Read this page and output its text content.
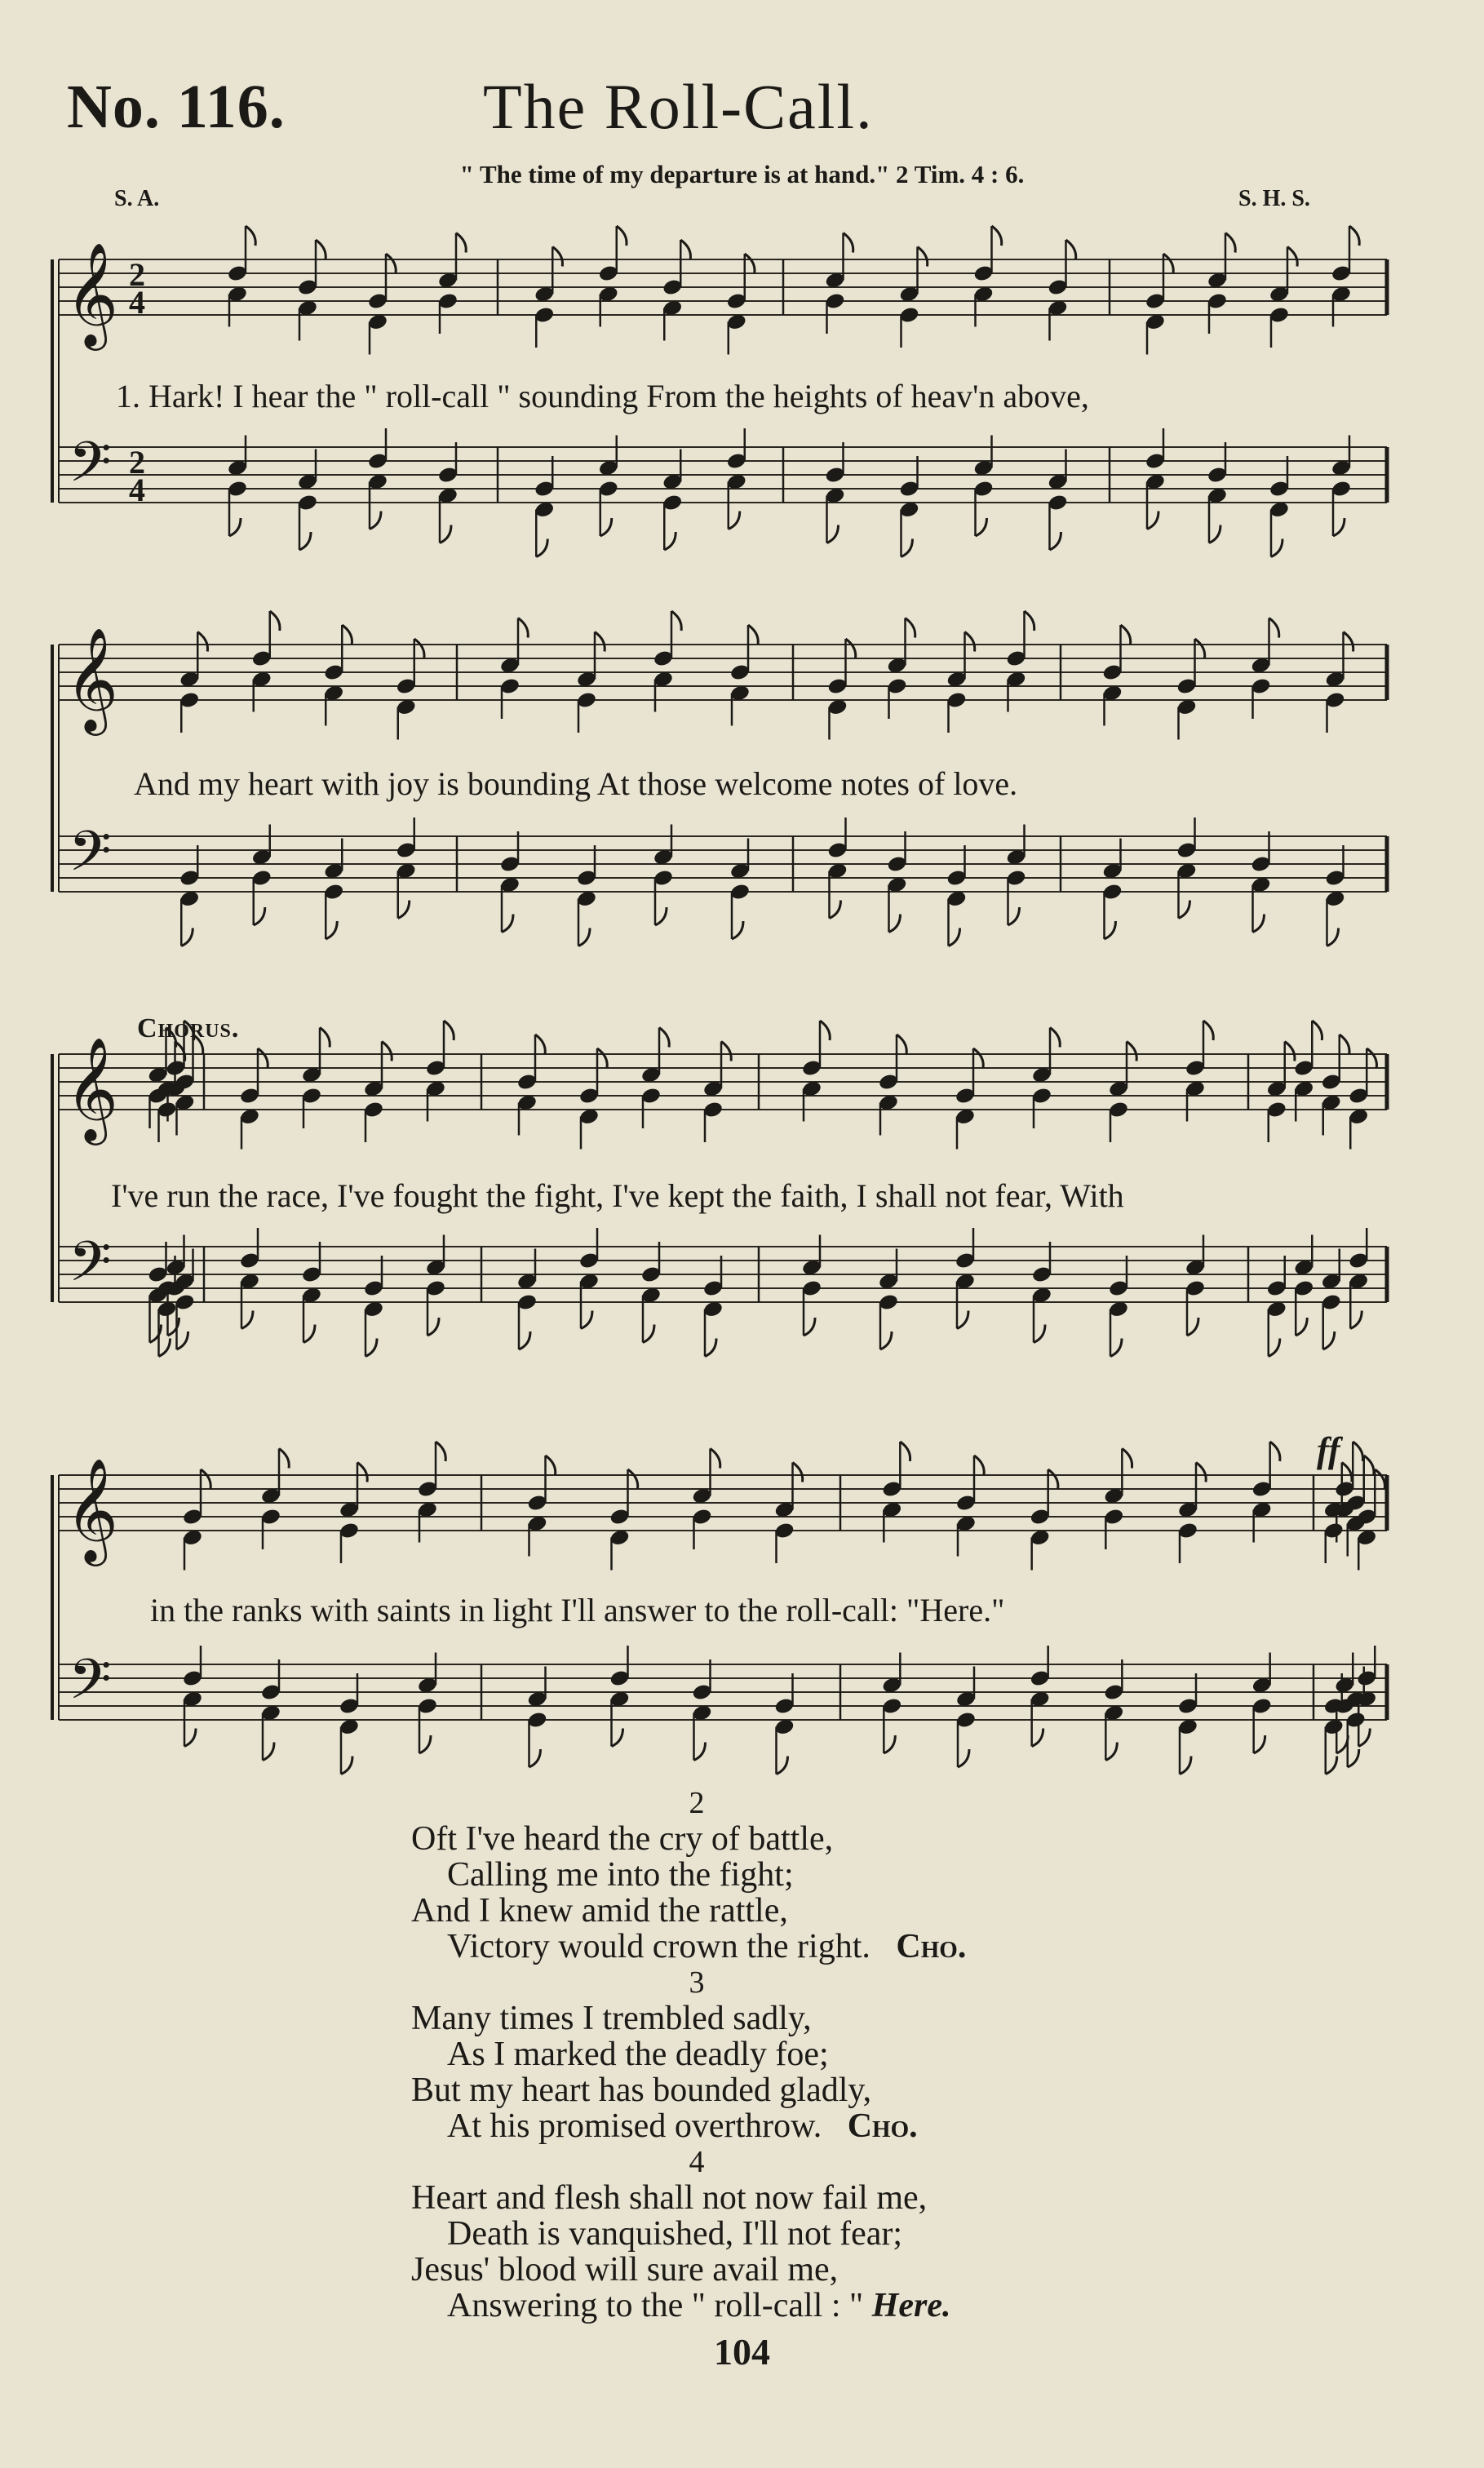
No. 116.	The Roll-Call.
" The time of my departure is at hand." 2 Tim. 4 : 6.
S. A.	S. H. S.
𝄞
𝄢
2
4
2
4
𝄞
𝄢
𝄞
𝄢
𝄞
𝄢
1. Hark! I hear the " roll-call " sounding From the heights of heav'n above,
And my heart with joy is bounding At those welcome notes of love.
Chorus.
I've run the race, I've fought the fight, I've kept the faith, I shall not fear, With
in the ranks with saints in light I'll answer to the roll-call: "Here."
ff
2
Oft I've heard the cry of battle,
Calling me into the fight;
And I knew amid the rattle,
Victory would crown the right. Cho.
3
Many times I trembled sadly,
As I marked the deadly foe;
But my heart has bounded gladly,
At his promised overthrow. Cho.
4
Heart and flesh shall not now fail me,
Death is vanquished, I'll not fear;
Jesus' blood will sure avail me,
Answering to the " roll-call : " Here.
104
